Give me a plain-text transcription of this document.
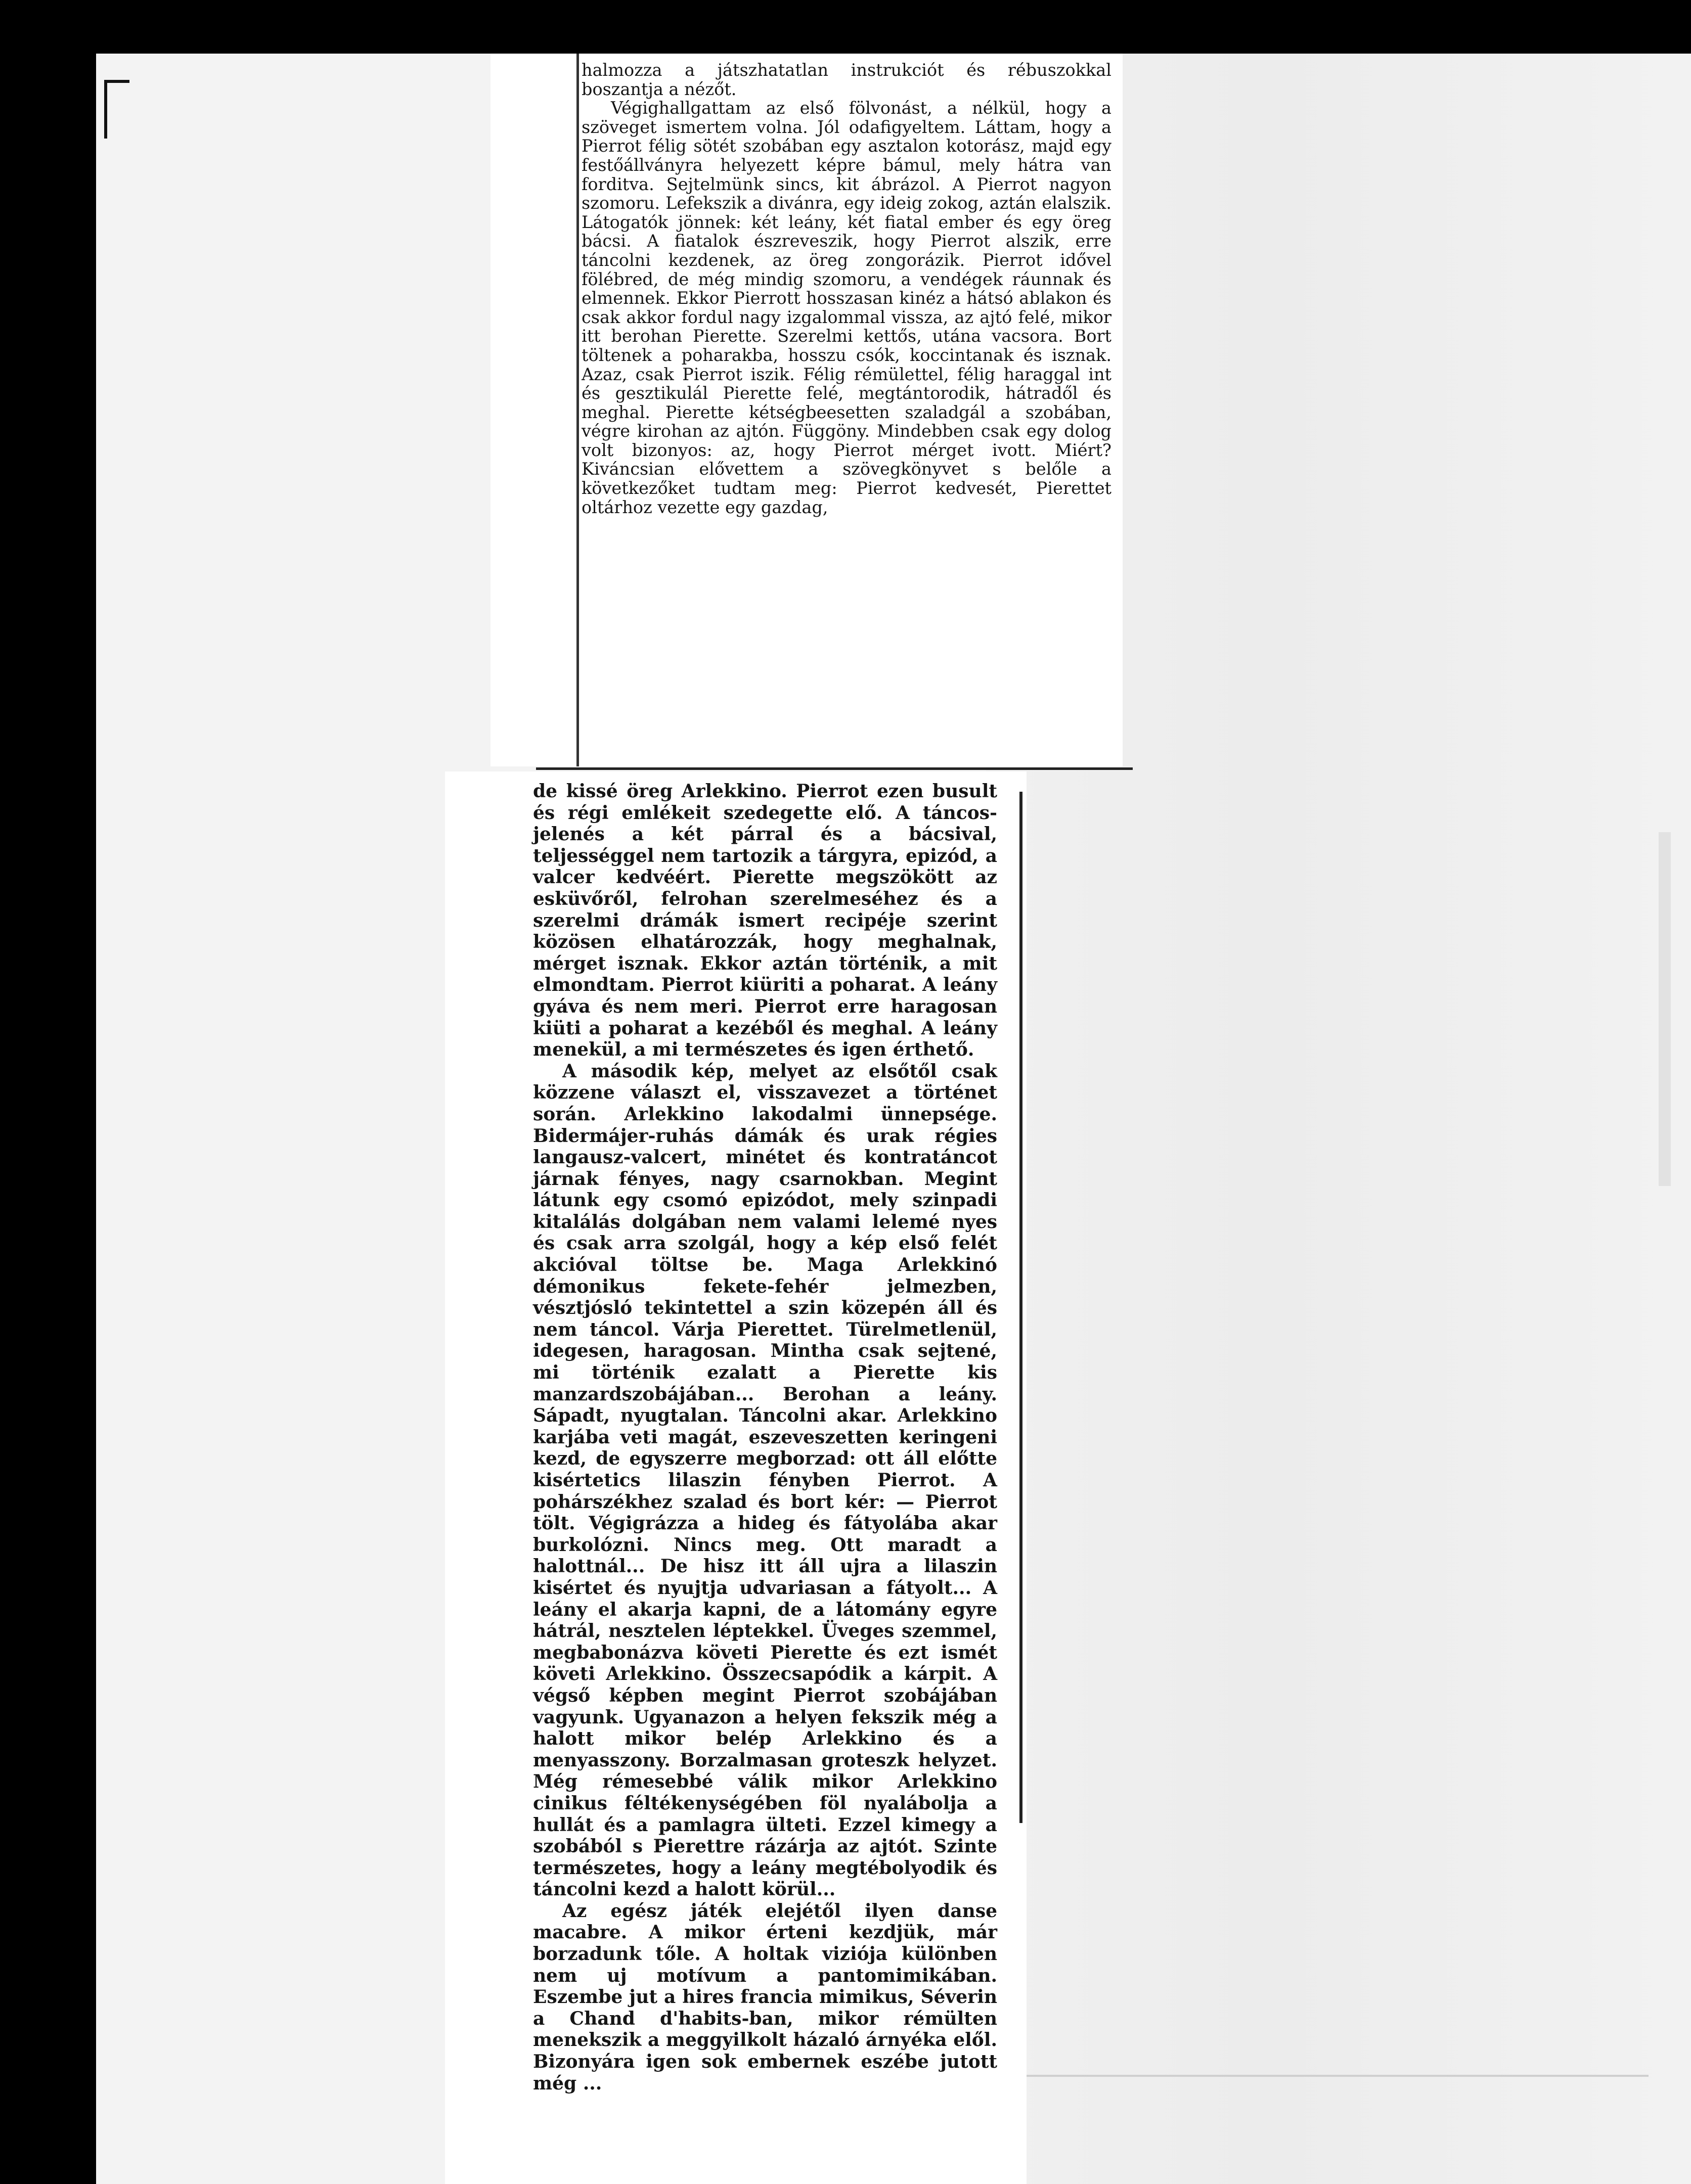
halmozza a játszhatatlan instrukciót és rébuszokkal boszantja a nézőt.

Végighallgattam az első fölvonást, a nélkül, hogy a szöveget ismertem volna. Jól odafigyeltem. Láttam, hogy a Pierrot félig sötét szobában egy asztalon kotorász, majd egy festőállványra helyezett képre bámul, mely hátra van forditva. Sejtelmünk sincs, kit ábrázol. A Pierrot nagyon szomoru. Lefekszik a divánra, egy ideig zokog, aztán elalszik. Látogatók jönnek: két leány, két fiatal ember és egy öreg bácsi. A fiatalok észreveszik, hogy Pierrot alszik, erre táncolni kezdenek, az öreg zongorázik. Pierrot idővel fölébred, de még mindig szomoru, a vendégek ráunnak és elmennek. Ekkor Pierrott hosszasan kinéz a hátsó ablakon és csak akkor fordul nagy izgalommal vissza, az ajtó felé, mikor itt berohan Pierette. Szerelmi kettős, utána vacsora. Bort töltenek a poharakba, hosszu csók, koccintanak és isznak. Azaz, csak Pierrot iszik. Félig rémülettel, félig haraggal int és gesztikulál Pierette felé, megtántorodik, hátradől és meghal. Pierette kétségbeesetten szaladgál a szobában, végre kirohan az ajtón. Függöny. Mindebben csak egy dolog volt bizonyos: az, hogy Pierrot mérget ivott. Miért? Kiváncsian elővettem a szövegkönyvet s belőle a következőket tudtam meg: Pierrot kedvesét, Pierettet oltárhoz vezette egy gazdag,

de kissé öreg Arlekkino. Pierrot ezen busult és régi emlékeit szedegette elő. A táncos-jelenés a két párral és a bácsival, teljességgel nem tartozik a tárgyra, epizód, a valcer kedvéért. Pierette megszökött az esküvőről, felrohan szerelmeséhez és a szerelmi drámák ismert recipéje szerint közösen elhatározzák, hogy meghalnak, mérget isznak. Ekkor aztán történik, a mit elmondtam. Pierrot kiüriti a poharat. A leány gyáva és nem meri. Pierrot erre haragosan kiüti a poharat a kezéből és meghal. A leány menekül, a mi természetes és igen érthető.

A második kép, melyet az elsőtől csak közzene választ el, visszavezet a történet során. Arlekkino lakodalmi ünnepsége. Bidermájer-ruhás dámák és urak régies langausz-valcert, minétet és kontratáncot járnak fényes, nagy csarnokban. Megint látunk egy csomó epizódot, mely szinpadi kitalálás dolgában nem valami lelemé nyes és csak arra szolgál, hogy a kép első felét akcióval töltse be. Maga Arlekkinó démonikus fekete-fehér jelmezben, vésztjósló tekintettel a szin közepén áll és nem táncol. Várja Pierettet. Türelmetlenül, idegesen, haragosan. Mintha csak sejtené, mi történik ezalatt a Pierette kis manzardszobájában... Berohan a leány. Sápadt, nyugtalan. Táncolni akar. Arlekkino karjába veti magát, eszeveszetten keringeni kezd, de egyszerre megborzad: ott áll előtte kisértetics lilaszin fényben Pierrot. A pohárszékhez szalad és bort kér: — Pierrot tölt. Végigrázza a hideg és fátyolába akar burkolózni. Nincs meg. Ott maradt a halottnál... De hisz itt áll ujra a lilaszin kisértet és nyujtja udvariasan a fátyolt... A leány el akarja kapni, de a látomány egyre hátrál, nesztelen léptekkel. Üveges szemmel, megbabonázva követi Pierette és ezt ismét követi Arlekkino. Összecsapódik a kárpit. A végső képben megint Pierrot szobájában vagyunk. Ugyanazon a helyen fekszik még a halott mikor belép Arlekkino és a menyasszony. Borzalmasan groteszk helyzet. Még rémesebbé válik mikor Arlekkino cinikus féltékenységében föl nyalábolja a hullát és a pamlagra ülteti. Ezzel kimegy a szobából s Pierettre rázárja az ajtót. Szinte természetes, hogy a leány megtébolyodik és táncolni kezd a halott körül...

Az egész játék elejétől ilyen danse macabre. A mikor érteni kezdjük, már borzadunk tőle. A holtak viziója különben nem uj motívum a pantomimikában. Eszembe jut a hires francia mimikus, Séverin a Chand d'habits-ban, mikor rémülten menekszik a meggyilkolt házaló árnyéka elől. Bizonyára igen sok embernek eszébe jutott még ...
